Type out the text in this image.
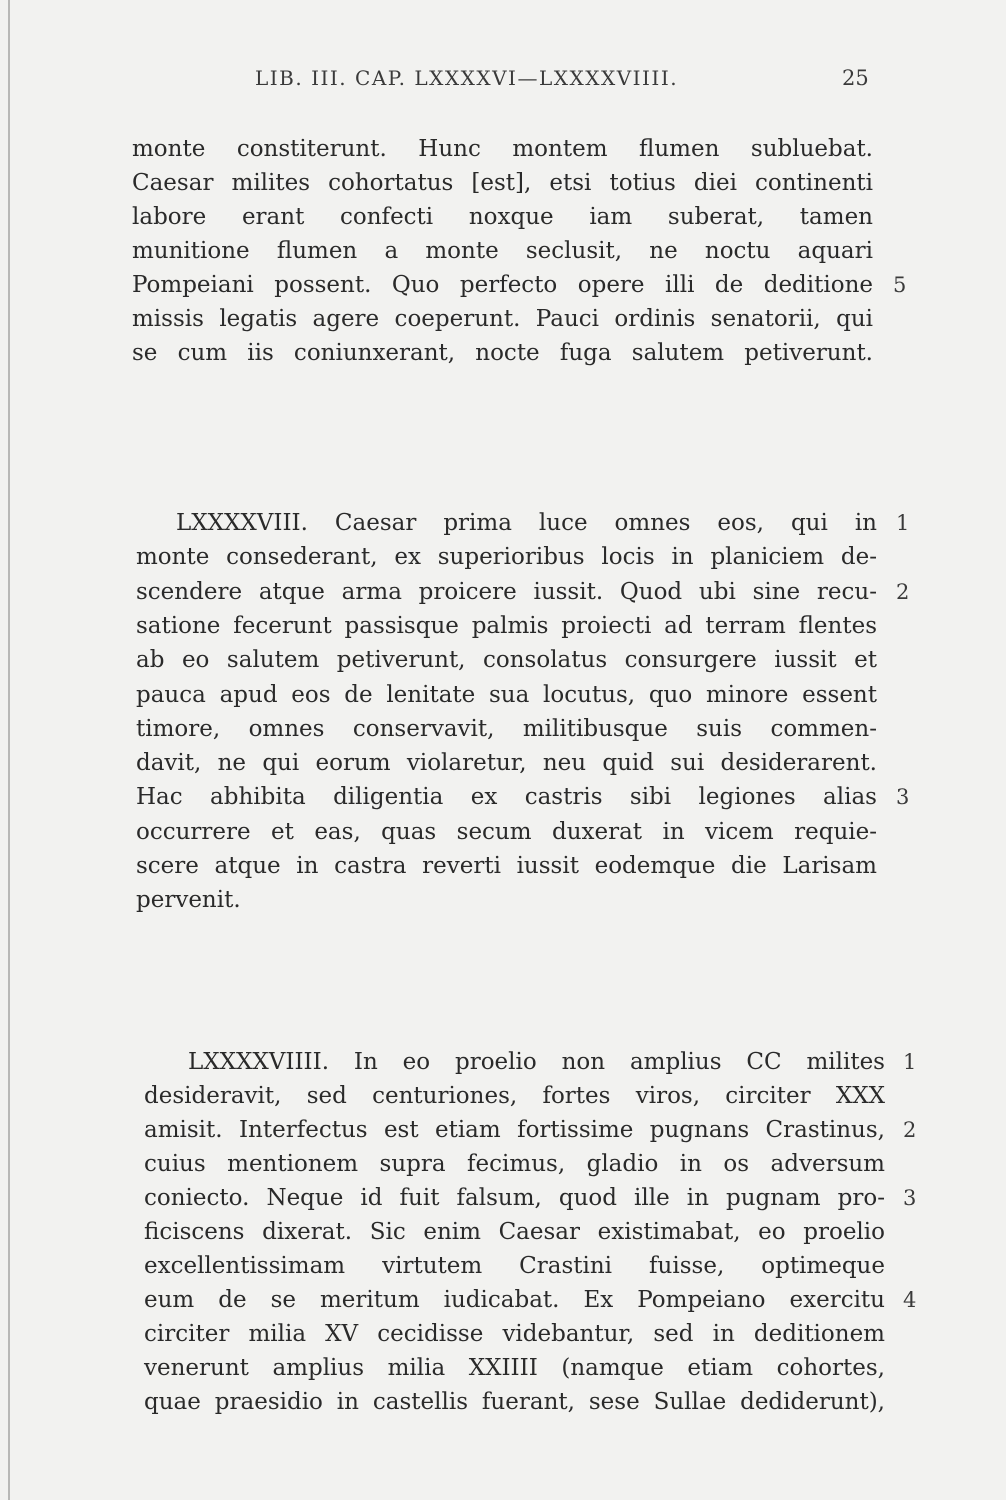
LIB. III. CAP. LXXXXVI—LXXXXVIIII.	25
monte constiterunt. Hunc montem flumen subluebat.
Caesar milites cohortatus [est], etsi totius diei continenti
labore erant confecti noxque iam suberat, tamen
munitione flumen a monte seclusit, ne noctu aquari
Pompeiani possent. Quo perfecto opere illi de deditione
missis legatis agere coeperunt. Pauci ordinis senatorii, qui
se cum iis coniunxerant, nocte fuga salutem petiverunt.
5
LXXXXVIII. Caesar prima luce omnes eos, qui in
monte consederant, ex superioribus locis in planiciem de-
scendere atque arma proicere iussit. Quod ubi sine recu-
satione fecerunt passisque palmis proiecti ad terram flentes
ab eo salutem petiverunt, consolatus consurgere iussit et
pauca apud eos de lenitate sua locutus, quo minore essent
timore, omnes conservavit, militibusque suis commen-
davit, ne qui eorum violaretur, neu quid sui desiderarent.
Hac abhibita diligentia ex castris sibi legiones alias
occurrere et eas, quas secum duxerat in vicem requie-
scere atque in castra reverti iussit eodemque die Larisam
pervenit.
1
2
3
LXXXXVIIII. In eo proelio non amplius CC milites
desideravit, sed centuriones, fortes viros, circiter XXX
amisit. Interfectus est etiam fortissime pugnans Crastinus,
cuius mentionem supra fecimus, gladio in os adversum
coniecto. Neque id fuit falsum, quod ille in pugnam pro-
ficiscens dixerat. Sic enim Caesar existimabat, eo proelio
excellentissimam virtutem Crastini fuisse, optimeque
eum de se meritum iudicabat. Ex Pompeiano exercitu
circiter milia XV cecidisse videbantur, sed in deditionem
venerunt amplius milia XXIIII (namque etiam cohortes,
quae praesidio in castellis fuerant, sese Sullae dediderunt),
1
2
3
4
